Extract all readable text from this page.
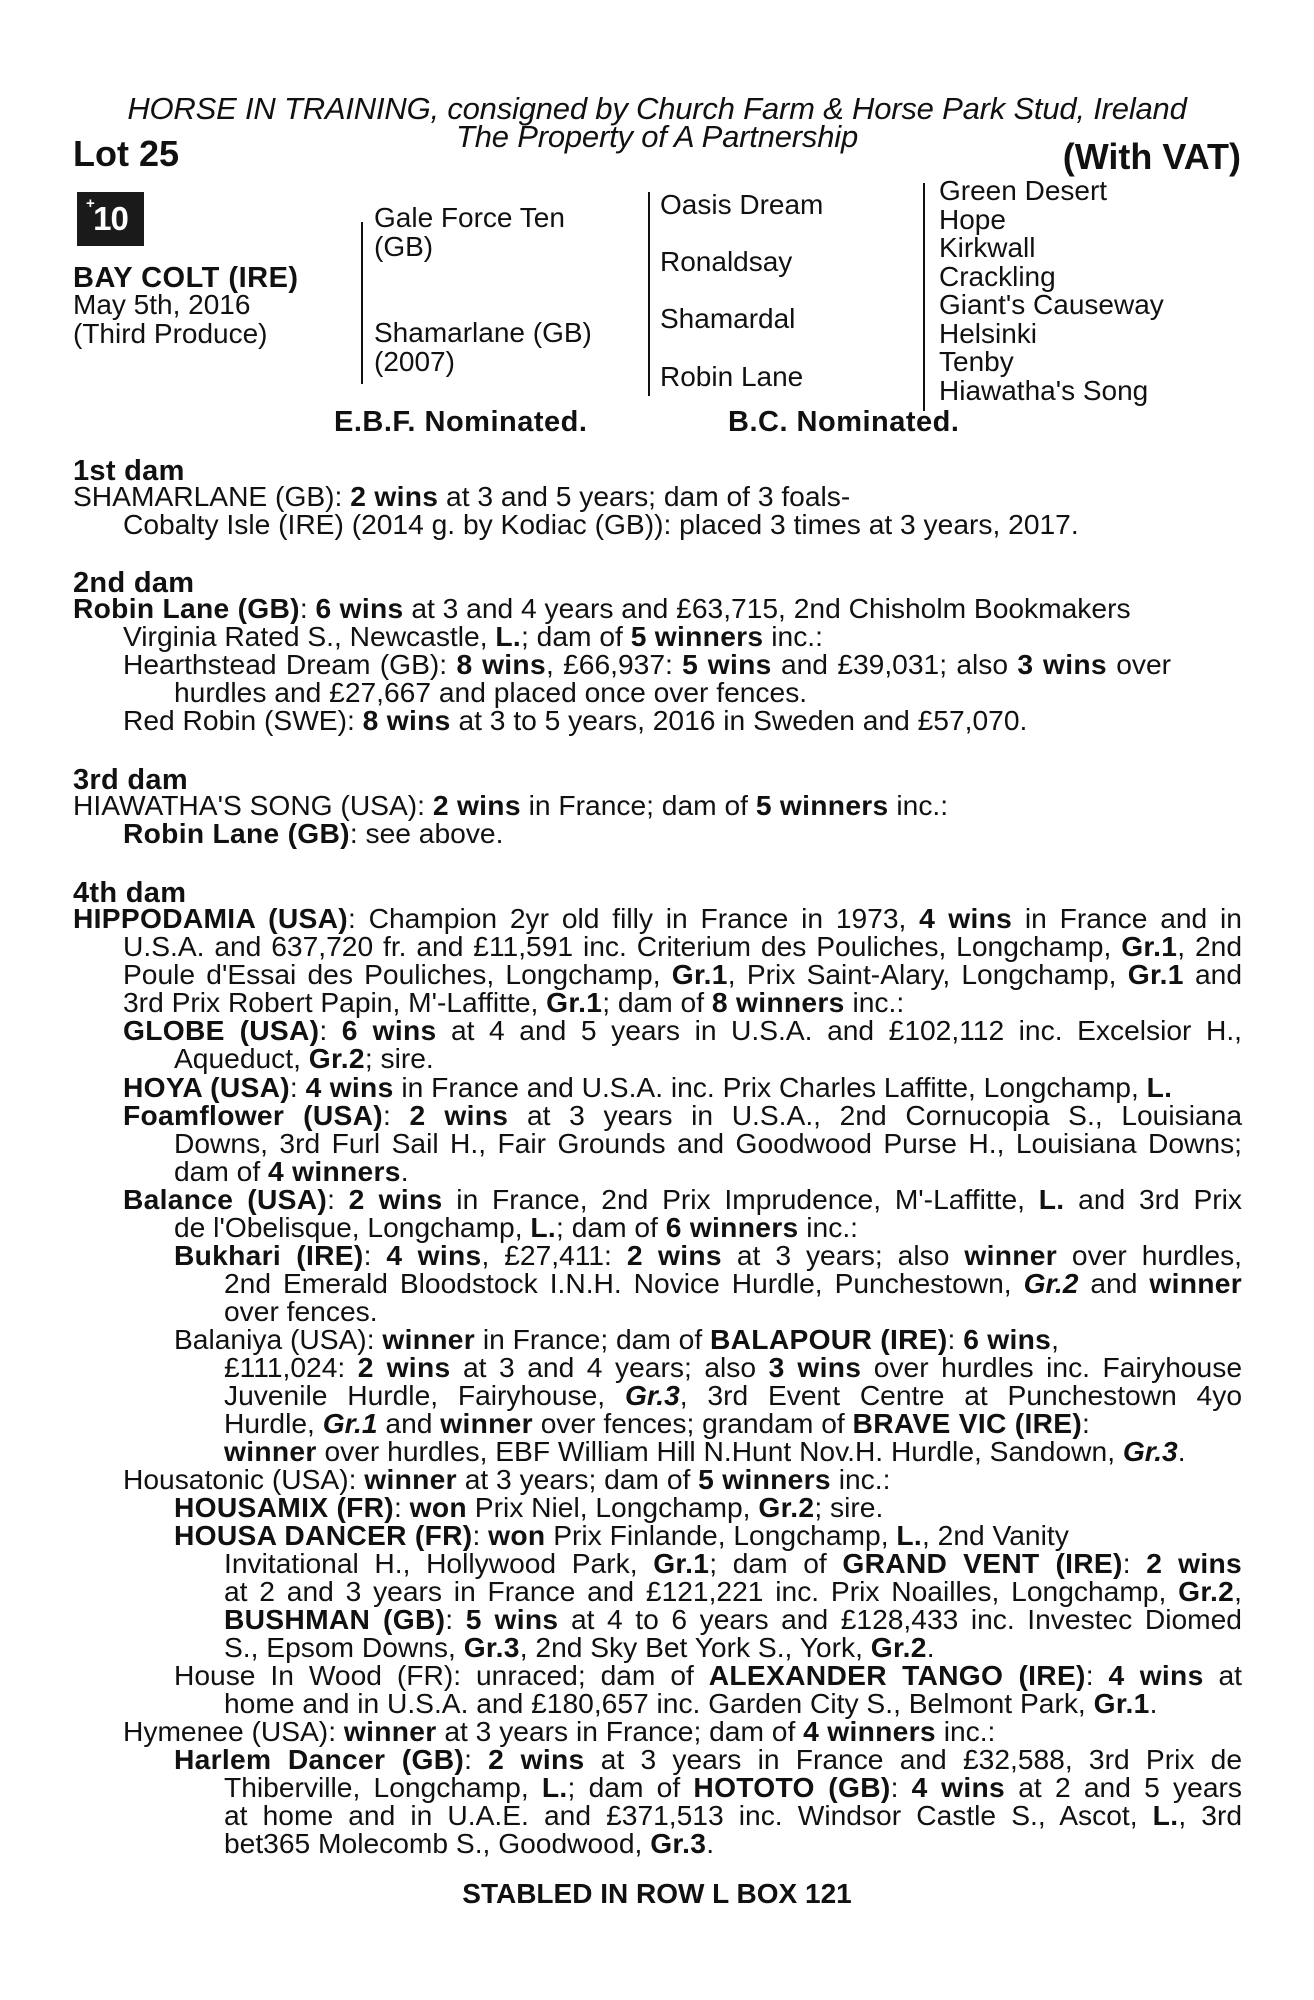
HORSE IN TRAINING, consigned by Church Farm & Horse Park Stud, Ireland
The Property of A Partnership
Lot 25	(With VAT)
+ 10
BAY COLT (IRE)
May 5th, 2016
(Third Produce)
Gale Force Ten
(GB)
Shamarlane (GB)
(2007)
Oasis Dream
Ronaldsay
Shamardal
Robin Lane
Green Desert
Hope
Kirkwall
Crackling
Giant's Causeway
Helsinki
Tenby
Hiawatha's Song
E.B.F. Nominated.	B.C. Nominated.
1st dam
SHAMARLANE (GB): 2 wins at 3 and 5 years; dam of 3 foals-
Cobalty Isle (IRE) (2014 g. by Kodiac (GB)): placed 3 times at 3 years, 2017.
2nd dam
Robin Lane (GB): 6 wins at 3 and 4 years and £63,715, 2nd Chisholm Bookmakers
Virginia Rated S., Newcastle, L.; dam of 5 winners inc.:
Hearthstead Dream (GB): 8 wins, £66,937: 5 wins and £39,031; also 3 wins over
hurdles and £27,667 and placed once over fences.
Red Robin (SWE): 8 wins at 3 to 5 years, 2016 in Sweden and £57,070.
3rd dam
HIAWATHA'S SONG (USA): 2 wins in France; dam of 5 winners inc.:
Robin Lane (GB): see above.
4th dam
HIPPODAMIA (USA): Champion 2yr old filly in France in 1973, 4 wins in France and in
U.S.A. and 637,720 fr. and £11,591 inc. Criterium des Pouliches, Longchamp, Gr.1, 2nd
Poule d'Essai des Pouliches, Longchamp, Gr.1, Prix Saint-Alary, Longchamp, Gr.1 and
3rd Prix Robert Papin, M'-Laffitte, Gr.1; dam of 8 winners inc.:
GLOBE (USA): 6 wins at 4 and 5 years in U.S.A. and £102,112 inc. Excelsior H.,
Aqueduct, Gr.2; sire.
HOYA (USA): 4 wins in France and U.S.A. inc. Prix Charles Laffitte, Longchamp, L.
Foamflower (USA): 2 wins at 3 years in U.S.A., 2nd Cornucopia S., Louisiana
Downs, 3rd Furl Sail H., Fair Grounds and Goodwood Purse H., Louisiana Downs;
dam of 4 winners.
Balance (USA): 2 wins in France, 2nd Prix Imprudence, M'-Laffitte, L. and 3rd Prix
de l'Obelisque, Longchamp, L.; dam of 6 winners inc.:
Bukhari (IRE): 4 wins, £27,411: 2 wins at 3 years; also winner over hurdles,
2nd Emerald Bloodstock I.N.H. Novice Hurdle, Punchestown, Gr.2 and winner
over fences.
Balaniya (USA): winner in France; dam of BALAPOUR (IRE): 6 wins,
£111,024: 2 wins at 3 and 4 years; also 3 wins over hurdles inc. Fairyhouse
Juvenile Hurdle, Fairyhouse, Gr.3, 3rd Event Centre at Punchestown 4yo
Hurdle, Gr.1 and winner over fences; grandam of BRAVE VIC (IRE):
winner over hurdles, EBF William Hill N.Hunt Nov.H. Hurdle, Sandown, Gr.3.
Housatonic (USA): winner at 3 years; dam of 5 winners inc.:
HOUSAMIX (FR): won Prix Niel, Longchamp, Gr.2; sire.
HOUSA DANCER (FR): won Prix Finlande, Longchamp, L., 2nd Vanity
Invitational H., Hollywood Park, Gr.1; dam of GRAND VENT (IRE): 2 wins
at 2 and 3 years in France and £121,221 inc. Prix Noailles, Longchamp, Gr.2,
BUSHMAN (GB): 5 wins at 4 to 6 years and £128,433 inc. Investec Diomed
S., Epsom Downs, Gr.3, 2nd Sky Bet York S., York, Gr.2.
House In Wood (FR): unraced; dam of ALEXANDER TANGO (IRE): 4 wins at
home and in U.S.A. and £180,657 inc. Garden City S., Belmont Park, Gr.1.
Hymenee (USA): winner at 3 years in France; dam of 4 winners inc.:
Harlem Dancer (GB): 2 wins at 3 years in France and £32,588, 3rd Prix de
Thiberville, Longchamp, L.; dam of HOTOTO (GB): 4 wins at 2 and 5 years
at home and in U.A.E. and £371,513 inc. Windsor Castle S., Ascot, L., 3rd
bet365 Molecomb S., Goodwood, Gr.3.
STABLED IN ROW L BOX 121
